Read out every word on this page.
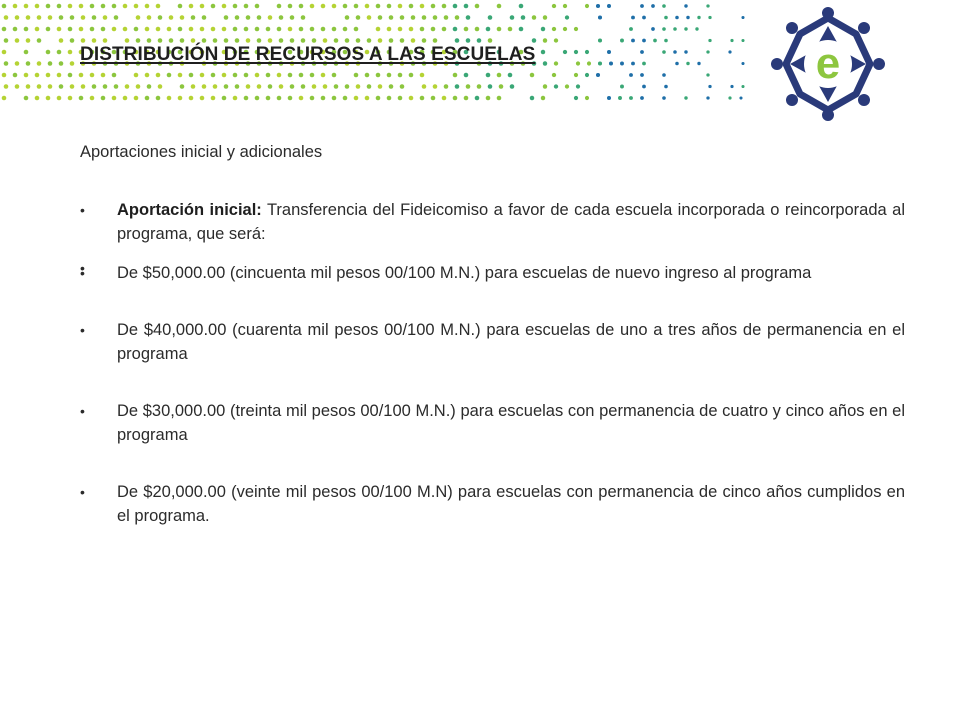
DISTRIBUCIÓN DE RECURSOS A LAS ESCUELAS	e

Aportaciones inicial y adicionales

• Aportación inicial: Transferencia del Fideicomiso a favor de cada escuela incorporada o reincorporada al programa, que será:
• De $50,000.00 (cincuenta mil pesos 00/100 M.N.) para escuelas de nuevo ingreso al programa
• De $40,000.00 (cuarenta mil pesos 00/100 M.N.) para escuelas de uno a tres años de permanencia en el programa
• De $30,000.00 (treinta mil pesos 00/100 M.N.) para escuelas con permanencia de cuatro y cinco años en el programa
• De $20,000.00 (veinte mil pesos 00/100 M.N) para escuelas con permanencia de cinco años cumplidos en el programa.
